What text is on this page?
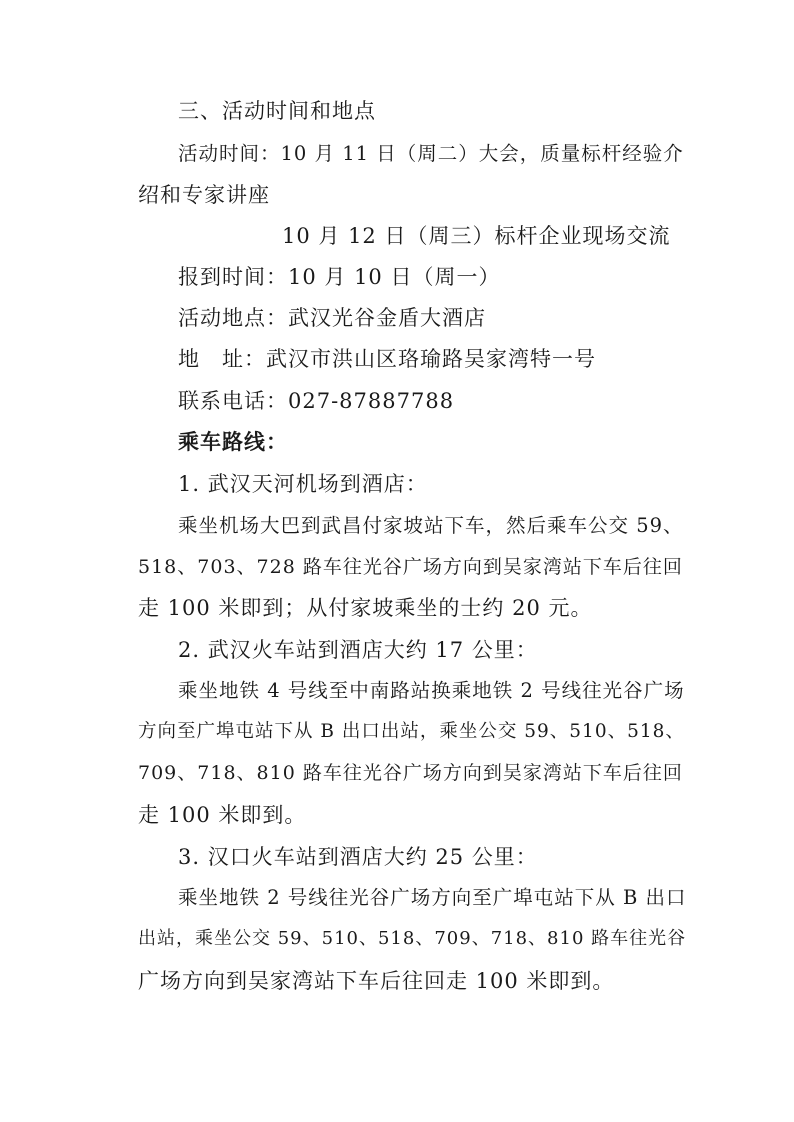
三、活动时间和地点
活动时间：10 月 11 日（周二）大会，质量标杆经验介
绍和专家讲座
10 月 12 日（周三）标杆企业现场交流
报到时间：10 月 10 日（周一）
活动地点：武汉光谷金盾大酒店
地　址：武汉市洪山区珞瑜路吴家湾特一号
联系电话：027-87887788
乘车路线：
1. 武汉天河机场到酒店：
乘坐机场大巴到武昌付家坡站下车，然后乘车公交 59、
518、703、728 路车往光谷广场方向到吴家湾站下车后往回
走 100 米即到；从付家坡乘坐的士约 20 元。
2. 武汉火车站到酒店大约 17 公里：
乘坐地铁 4 号线至中南路站换乘地铁 2 号线往光谷广场
方向至广埠屯站下从 B 出口出站，乘坐公交 59、510、518、
709、718、810 路车往光谷广场方向到吴家湾站下车后往回
走 100 米即到。
3. 汉口火车站到酒店大约 25 公里：
乘坐地铁 2 号线往光谷广场方向至广埠屯站下从 B 出口
出站，乘坐公交 59、510、518、709、718、810 路车往光谷
广场方向到吴家湾站下车后往回走 100 米即到。
